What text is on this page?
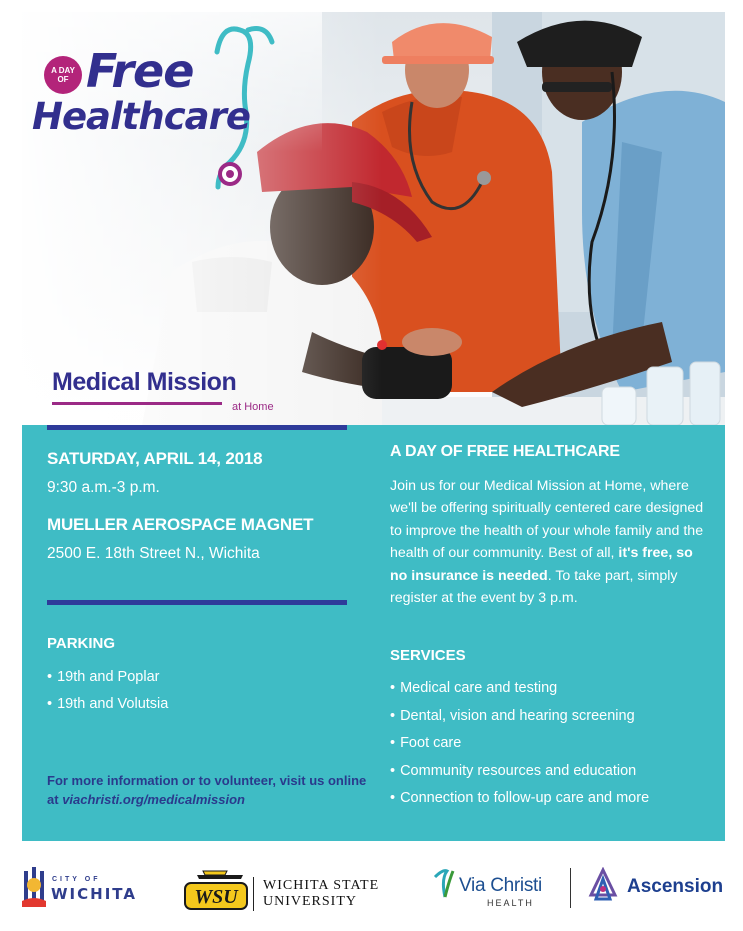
A DAY OF Free
Healthcare
Medical Mission
at Home
SATURDAY, APRIL 14, 2018
9:30 a.m.-3 p.m.
MUELLER AEROSPACE MAGNET
2500 E. 18th Street N., Wichita
PARKING
• 19th and Poplar
• 19th and Volutsia
For more information or to volunteer, visit us online at viachristi.org/medicalmission
A DAY OF FREE HEALTHCARE
Join us for our Medical Mission at Home, where we'll be offering spiritually centered care designed to improve the health of your whole family and the health of our community. Best of all, it's free, so no insurance is needed. To take part, simply register at the event by 3 p.m.
SERVICES
• Medical care and testing
• Dental, vision and hearing screening
• Foot care
• Community resources and education
• Connection to follow-up care and more
CITY OF
WICHITA	WSU
WICHITA STATE
UNIVERSITY
Via Christi
HEALTH
Ascension
